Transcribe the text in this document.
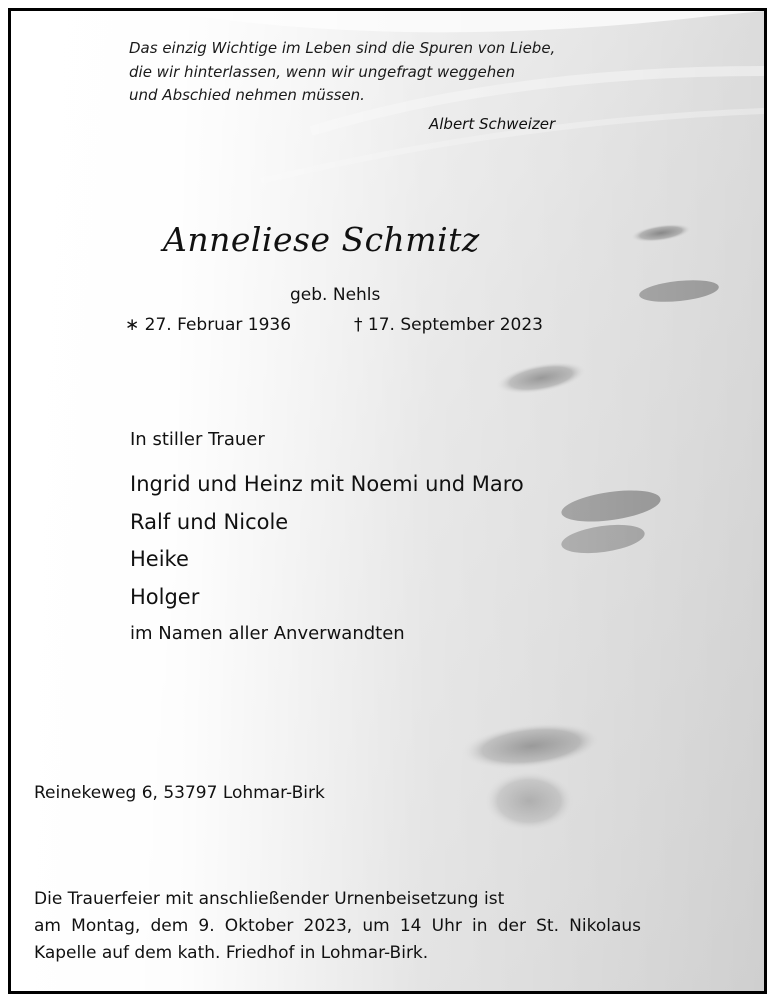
Das einzig Wichtige im Leben sind die Spuren von Liebe,
die wir hinterlassen, wenn wir ungefragt weggehen
und Abschied nehmen müssen.
Albert Schweizer
Anneliese Schmitz
geb. Nehls
∗ 27. Februar 1936	† 17. September 2023
In stiller Trauer
Ingrid und Heinz mit Noemi und Maro
Ralf und Nicole
Heike
Holger
im Namen aller Anverwandten
Reinekeweg 6, 53797 Lohmar-Birk
Die Trauerfeier mit anschließender Urnenbeisetzung ist
am Montag, dem 9. Oktober 2023, um 14 Uhr in der St. Nikolaus
Kapelle auf dem kath. Friedhof in Lohmar-Birk.
